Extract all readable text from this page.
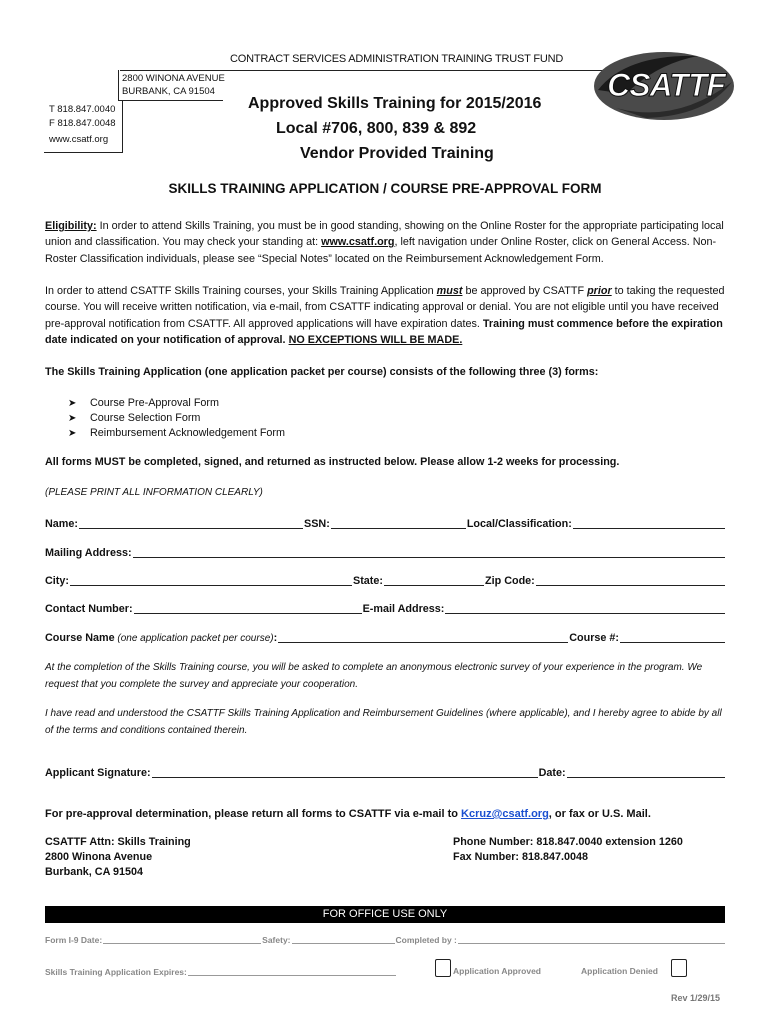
CONTRACT SERVICES ADMINISTRATION TRAINING TRUST FUND
2800 WINONA AVENUE
BURBANK, CA 91504
T 818.847.0040
F 818.847.0048
www.csatf.org
CSATTF
Approved Skills Training for 2015/2016
Local #706, 800, 839 & 892
Vendor Provided Training
SKILLS TRAINING APPLICATION / COURSE PRE-APPROVAL FORM
Eligibility: In order to attend Skills Training, you must be in good standing, showing on the Online Roster for the appropriate participating local union and classification. You may check your standing at: www.csatf.org, left navigation under Online Roster, click on General Access. Non-Roster Classification individuals, please see “Special Notes” located on the Reimbursement Acknowledgement Form.
In order to attend CSATTF Skills Training courses, your Skills Training Application must be approved by CSATTF prior to taking the requested course. You will receive written notification, via e-mail, from CSATTF indicating approval or denial. You are not eligible until you have received pre-approval notification from CSATTF. All approved applications will have expiration dates. Training must commence before the expiration date indicated on your notification of approval. NO EXCEPTIONS WILL BE MADE.
The Skills Training Application (one application packet per course) consists of the following three (3) forms:
➤ Course Pre-Approval Form
➤ Course Selection Form
➤ Reimbursement Acknowledgement Form
All forms MUST be completed, signed, and returned as instructed below. Please allow 1-2 weeks for processing.
(PLEASE PRINT ALL INFORMATION CLEARLY)
Name:	SSN:	Local/Classification:
Mailing Address:
City:	State:	Zip Code:
Contact Number:	E-mail Address:
Course Name (one application packet per course):	Course #:
At the completion of the Skills Training course, you will be asked to complete an anonymous electronic survey of your experience in the program. We request that you complete the survey and appreciate your cooperation.
I have read and understood the CSATTF Skills Training Application and Reimbursement Guidelines (where applicable), and I hereby agree to abide by all of the terms and conditions contained therein.
Applicant Signature:	Date:
For pre-approval determination, please return all forms to CSATTF via e-mail to Kcruz@csatf.org, or fax or U.S. Mail.
CSATTF Attn: Skills Training
2800 Winona Avenue
Burbank, CA 91504
Phone Number: 818.847.0040 extension 1260
Fax Number: 818.847.0048
FOR OFFICE USE ONLY
Form I-9 Date:	Safety:	Completed by :
Skills Training Application Expires:	Application Approved	Application Denied
Rev 1/29/15
